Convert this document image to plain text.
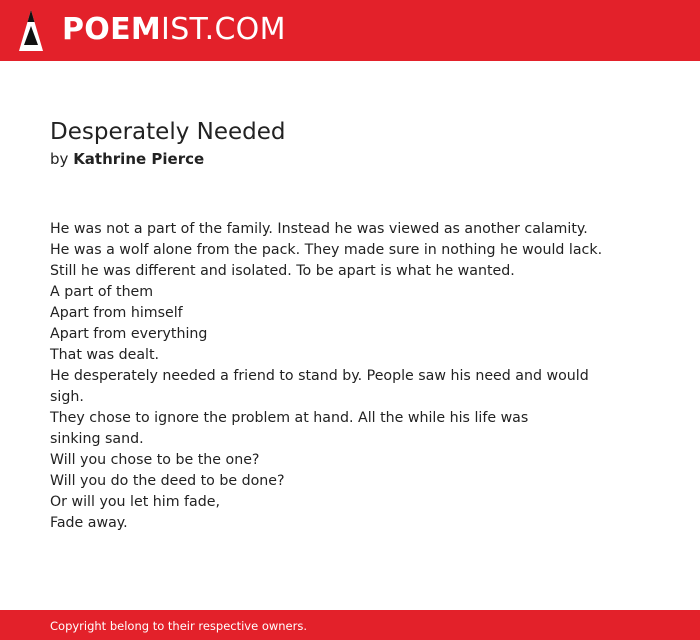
POEMIST.COM
Desperately Needed
by Kathrine Pierce
He was not a part of the family. Instead he was viewed as another calamity.
He was a wolf alone from the pack. They made sure in nothing he would lack.
Still he was different and isolated. To be apart is what he wanted.
A part of them
Apart from himself
Apart from everything
That was dealt.
He desperately needed a friend to stand by. People saw his need and would
sigh.
They chose to ignore the problem at hand. All the while his life was
sinking sand.
Will you chose to be the one?
Will you do the deed to be done?
Or will you let him fade,
Fade away.
Copyright belong to their respective owners.
